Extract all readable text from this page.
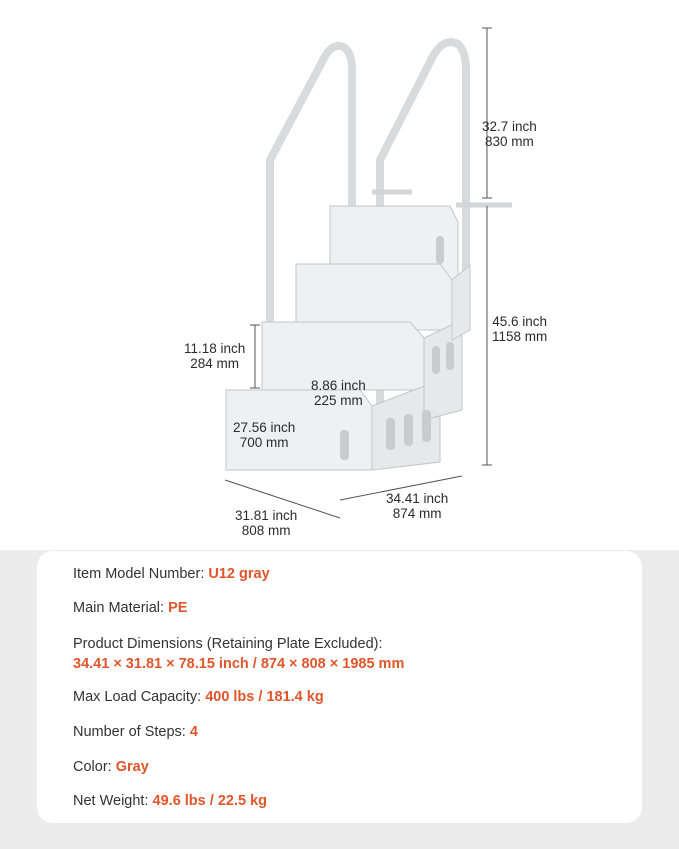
32.7 inch
830 mm
45.6 inch
1158 mm
11.18 inch
284 mm
8.86 inch
225 mm
27.56 inch
700 mm
31.81 inch
808 mm
34.41 inch
874 mm
Item Model Number: U12 gray
Main Material: PE
Product Dimensions (Retaining Plate Excluded):
34.41 × 31.81 × 78.15 inch / 874 × 808 × 1985 mm
Max Load Capacity: 400 lbs / 181.4 kg
Number of Steps: 4
Color: Gray
Net Weight: 49.6 lbs / 22.5 kg
